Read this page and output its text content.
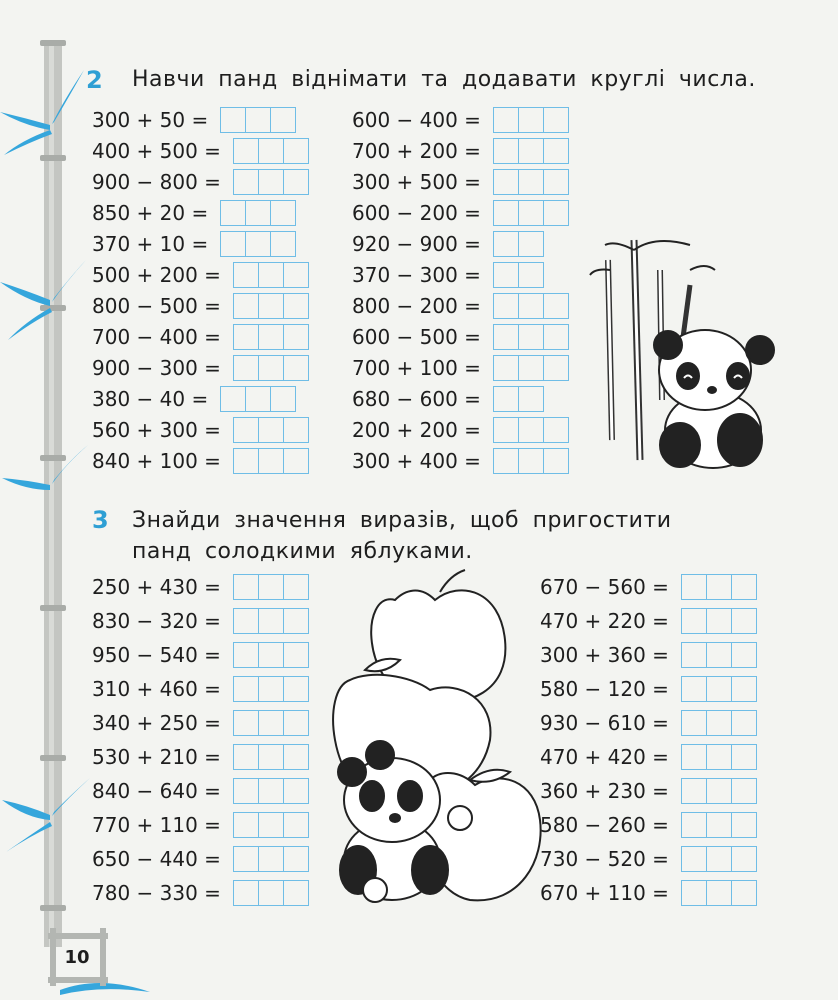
2 Навчи панд віднімати та додавати круглі числа.
300 + 50 =
400 + 500 =
900 − 800 =
850 + 20 =
370 + 10 =
500 + 200 =
800 − 500 =
700 − 400 =
900 − 300 =
380 − 40 =
560 + 300 =
840 + 100 =
600 − 400 =
700 + 200 =
300 + 500 =
600 − 200 =
920 − 900 =
370 − 300 =
800 − 200 =
600 − 500 =
700 + 100 =
680 − 600 =
200 + 200 =
300 + 400 =
3 Знайди значення виразів, щоб пригостити
панд солодкими яблуками.
250 + 430 =
830 − 320 =
950 − 540 =
310 + 460 =
340 + 250 =
530 + 210 =
840 − 640 =
770 + 110 =
650 − 440 =
780 − 330 =
670 − 560 =
470 + 220 =
300 + 360 =
580 − 120 =
930 − 610 =
470 + 420 =
360 + 230 =
580 − 260 =
730 − 520 =
670 + 110 =
10
